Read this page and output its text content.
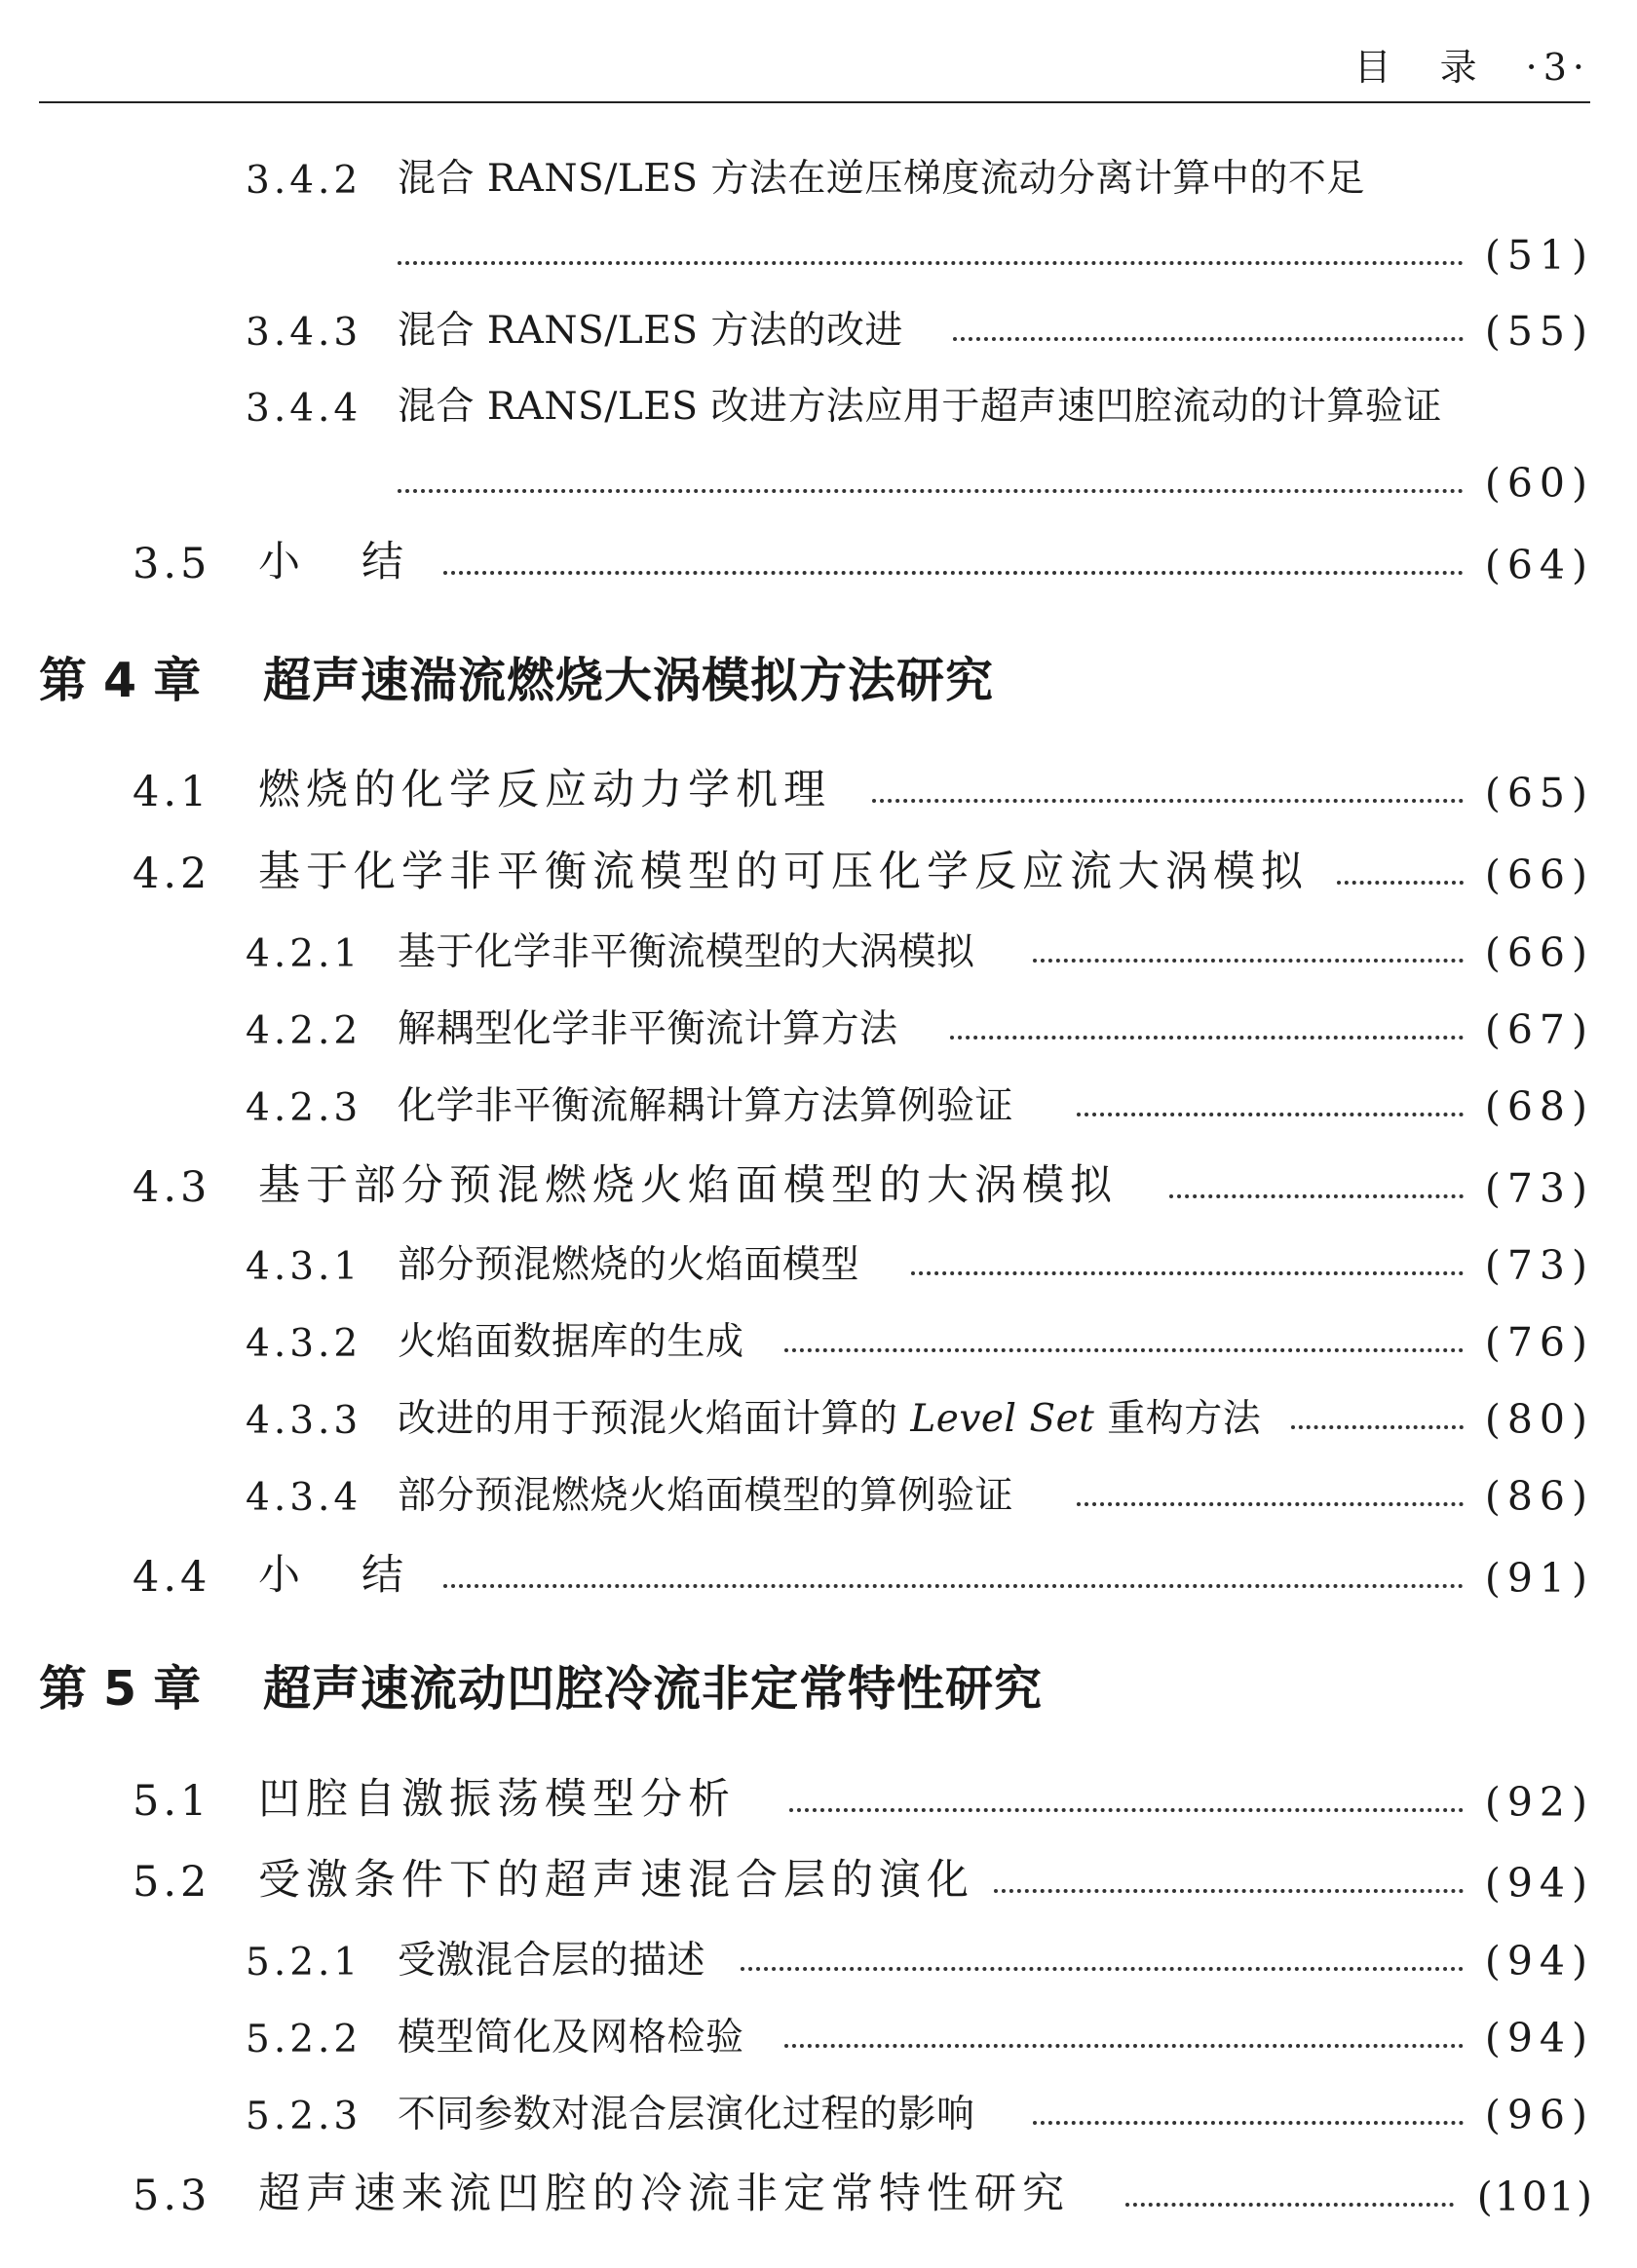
目　录　·3·
3.4.2 混合 RANS/LES 方法在逆压梯度流动分离计算中的不足
(51)
3.4.3 混合 RANS/LES 方法的改进	(55)
3.4.4 混合 RANS/LES 改进方法应用于超声速凹腔流动的计算验证
(60)
3.5 小　结	(64)
第 4 章 超声速湍流燃烧大涡模拟方法研究
4.1 燃烧的化学反应动力学机理	(65)
4.2 基于化学非平衡流模型的可压化学反应流大涡模拟	(66)
4.2.1 基于化学非平衡流模型的大涡模拟	(66)
4.2.2 解耦型化学非平衡流计算方法	(67)
4.2.3 化学非平衡流解耦计算方法算例验证	(68)
4.3 基于部分预混燃烧火焰面模型的大涡模拟	(73)
4.3.1 部分预混燃烧的火焰面模型	(73)
4.3.2 火焰面数据库的生成	(76)
4.3.3 改进的用于预混火焰面计算的 Level Set 重构方法	(80)
4.3.4 部分预混燃烧火焰面模型的算例验证	(86)
4.4 小　结	(91)
第 5 章 超声速流动凹腔冷流非定常特性研究
5.1 凹腔自激振荡模型分析	(92)
5.2 受激条件下的超声速混合层的演化	(94)
5.2.1 受激混合层的描述	(94)
5.2.2 模型简化及网格检验	(94)
5.2.3 不同参数对混合层演化过程的影响	(96)
5.3 超声速来流凹腔的冷流非定常特性研究	(101)
